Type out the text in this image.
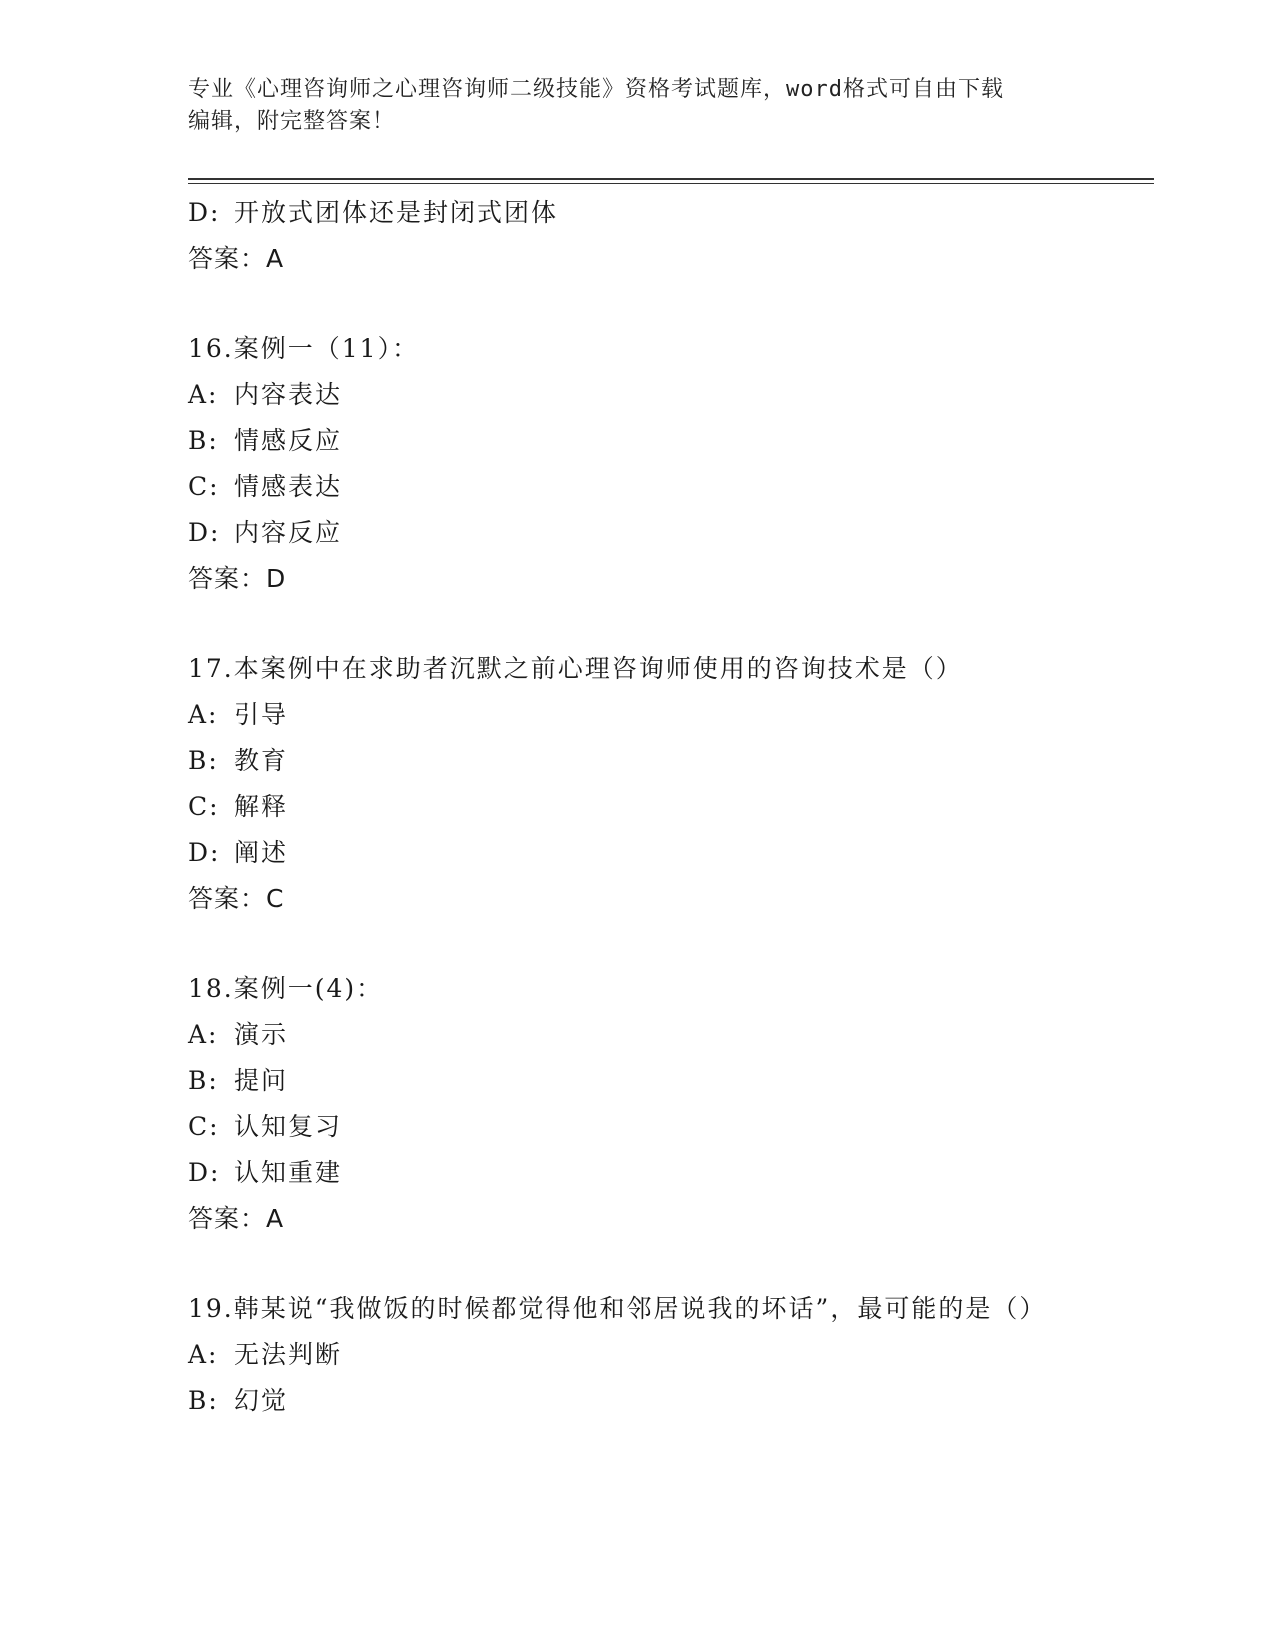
专业《心理咨询师之心理咨询师二级技能》资格考试题库，word格式可自由下载
编辑，附完整答案！
D: 开放式团体还是封闭式团体
答案：A
16.案例一（11）：
A: 内容表达
B: 情感反应
C: 情感表达
D: 内容反应
答案：D
17.本案例中在求助者沉默之前心理咨询师使用的咨询技术是（）
A: 引导
B: 教育
C: 解释
D: 阐述
答案：C
18.案例一(4)：
A: 演示
B: 提问
C: 认知复习
D: 认知重建
答案：A
19.韩某说“我做饭的时候都觉得他和邻居说我的坏话”，最可能的是（）
A: 无法判断
B: 幻觉
